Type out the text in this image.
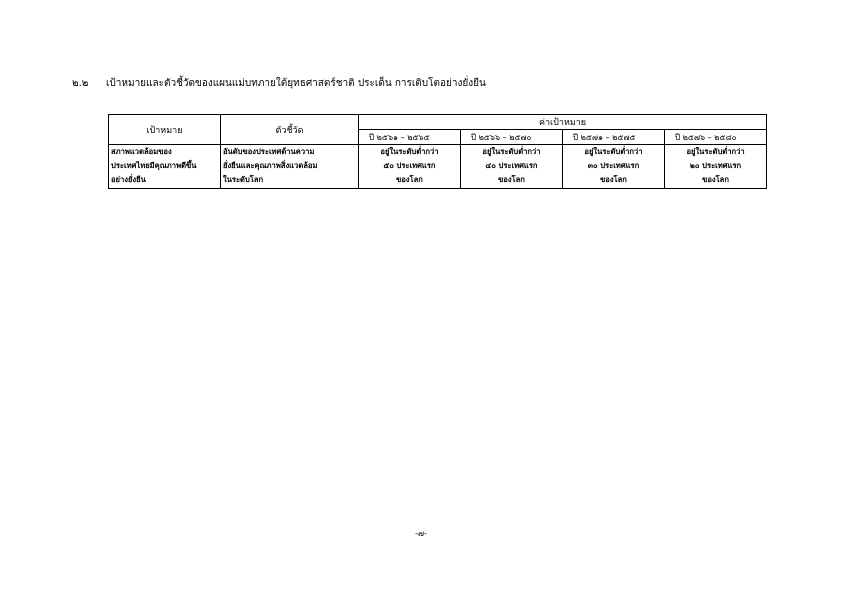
๒.๒ เป้าหมายและตัวชี้วัดของแผนแม่บทภายใต้ยุทธศาสตร์ชาติ ประเด็น การเติบโตอย่างยั่งยืน
เป้าหมาย	ตัวชี้วัด	ค่าเป้าหมาย			
		ปี ๒๕๖๑ – ๒๕๖๕	ปี ๒๕๖๖ – ๒๕๗๐	ปี ๒๕๗๑ – ๒๕๗๕	ปี ๒๕๗๖ – ๒๕๘๐

สภาพแวดล้อมของ
ประเทศไทยมีคุณภาพดีขึ้น
อย่างยั่งยืน	อันดับของประเทศด้านความ
ยั่งยืนและคุณภาพสิ่งแวดล้อม
ในระดับโลก	อยู่ในระดับต่ำกว่า
๕๐ ประเทศแรก
ของโลก	อยู่ในระดับต่ำกว่า
๔๐ ประเทศแรก
ของโลก	อยู่ในระดับต่ำกว่า
๓๐ ประเทศแรก
ของโลก	อยู่ในระดับต่ำกว่า
๒๐ ประเทศแรก
ของโลก
-๗-
